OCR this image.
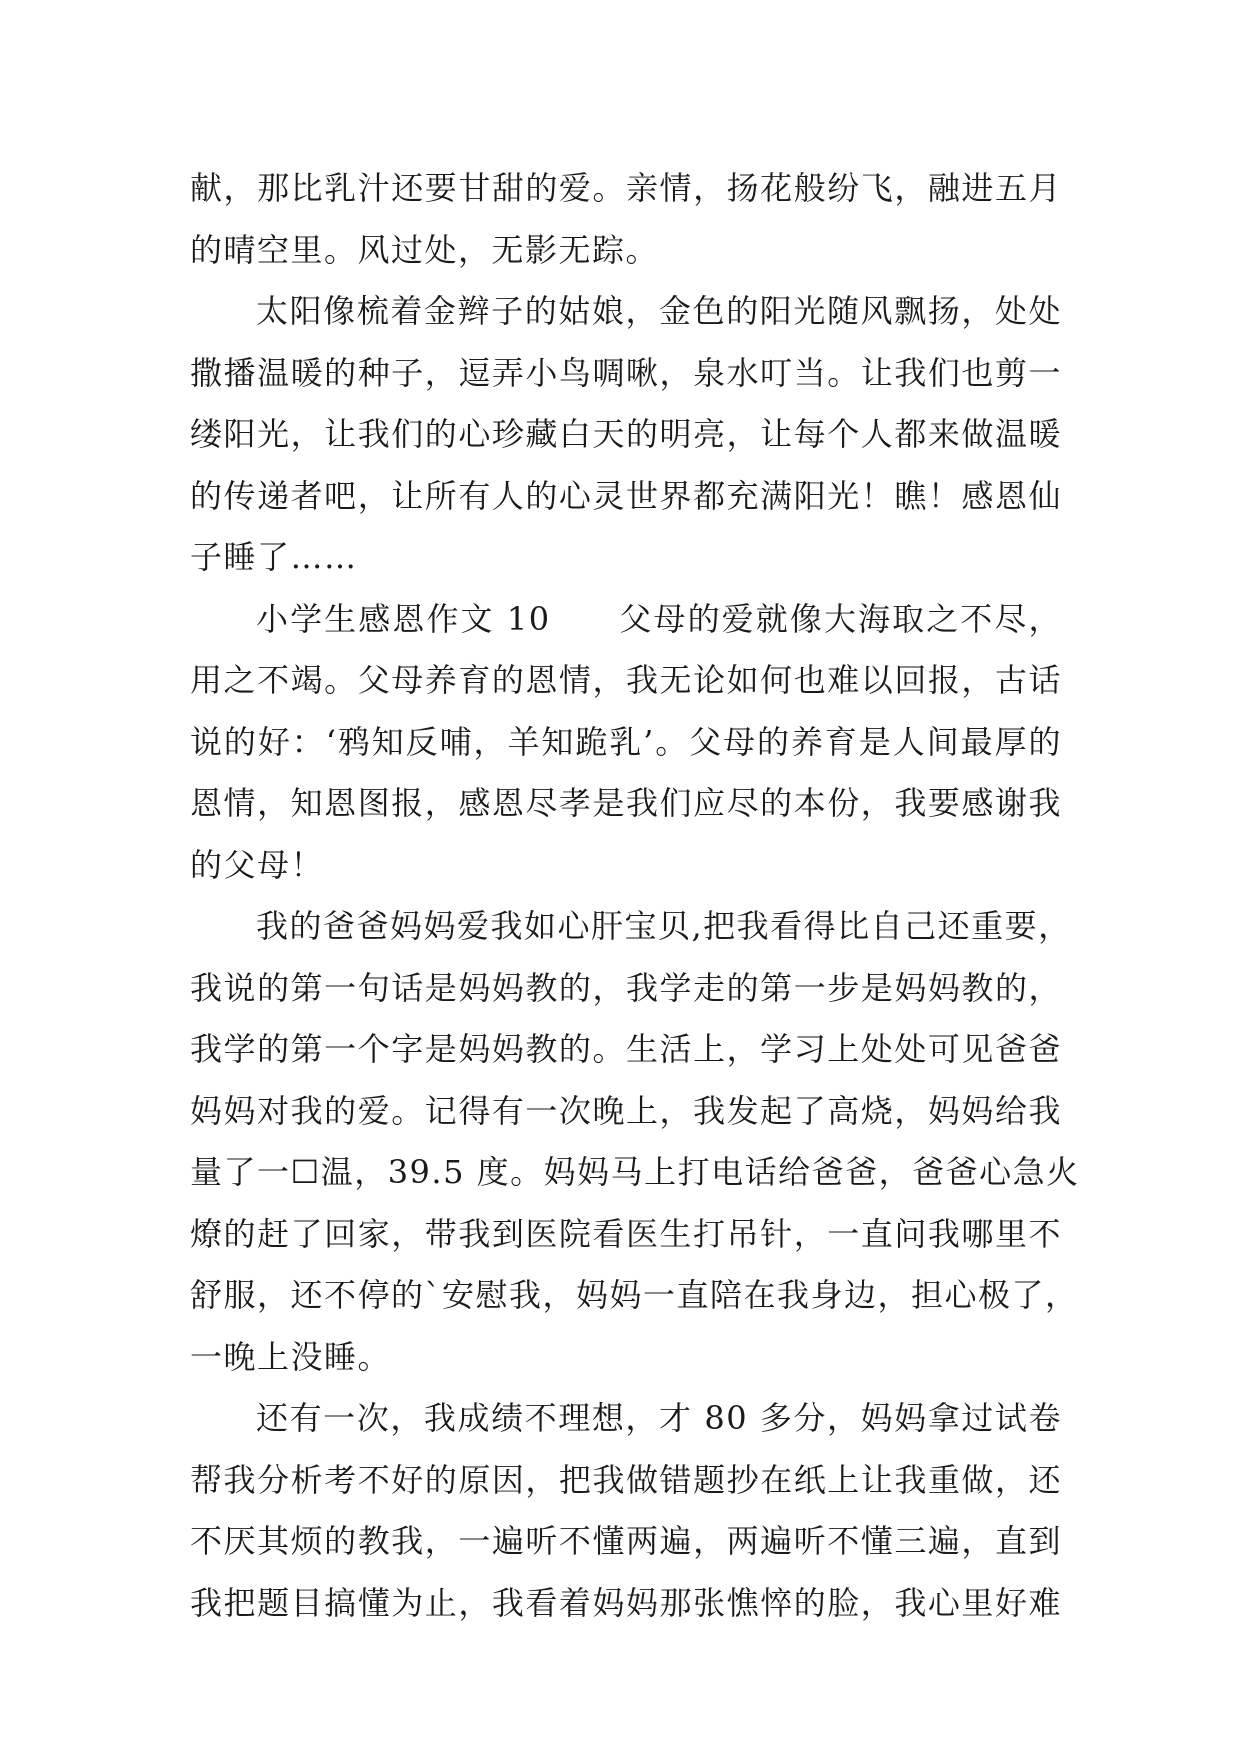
献，那比乳汁还要甘甜的爱。亲情，扬花般纷飞，融进五月
的晴空里。风过处，无影无踪。
太阳像梳着金辫子的姑娘，金色的阳光随风飘扬，处处
撒播温暖的种子，逗弄小鸟啁啾，泉水叮当。让我们也剪一
缕阳光，让我们的心珍藏白天的明亮，让每个人都来做温暖
的传递者吧，让所有人的心灵世界都充满阳光！瞧！感恩仙
子睡了……
小学生感恩作文 10　　父母的爱就像大海取之不尽，
用之不竭。父母养育的恩情，我无论如何也难以回报，古话
说的好：‘鸦知反哺，羊知跪乳’。父母的养育是人间最厚的
恩情，知恩图报，感恩尽孝是我们应尽的本份，我要感谢我
的父母！
我的爸爸妈妈爱我如心肝宝贝,把我看得比自己还重要，
我说的第一句话是妈妈教的，我学走的第一步是妈妈教的，
我学的第一个字是妈妈教的。生活上，学习上处处可见爸爸
妈妈对我的爱。记得有一次晚上，我发起了高烧，妈妈给我
量了一☐温，39.5 度。妈妈马上打电话给爸爸，爸爸心急火
燎的赶了回家，带我到医院看医生打吊针，一直问我哪里不
舒服，还不停的`安慰我，妈妈一直陪在我身边，担心极了，
一晚上没睡。
还有一次，我成绩不理想，才 80 多分，妈妈拿过试卷
帮我分析考不好的原因，把我做错题抄在纸上让我重做，还
不厌其烦的教我，一遍听不懂两遍，两遍听不懂三遍，直到
我把题目搞懂为止，我看着妈妈那张憔悴的脸，我心里好难
